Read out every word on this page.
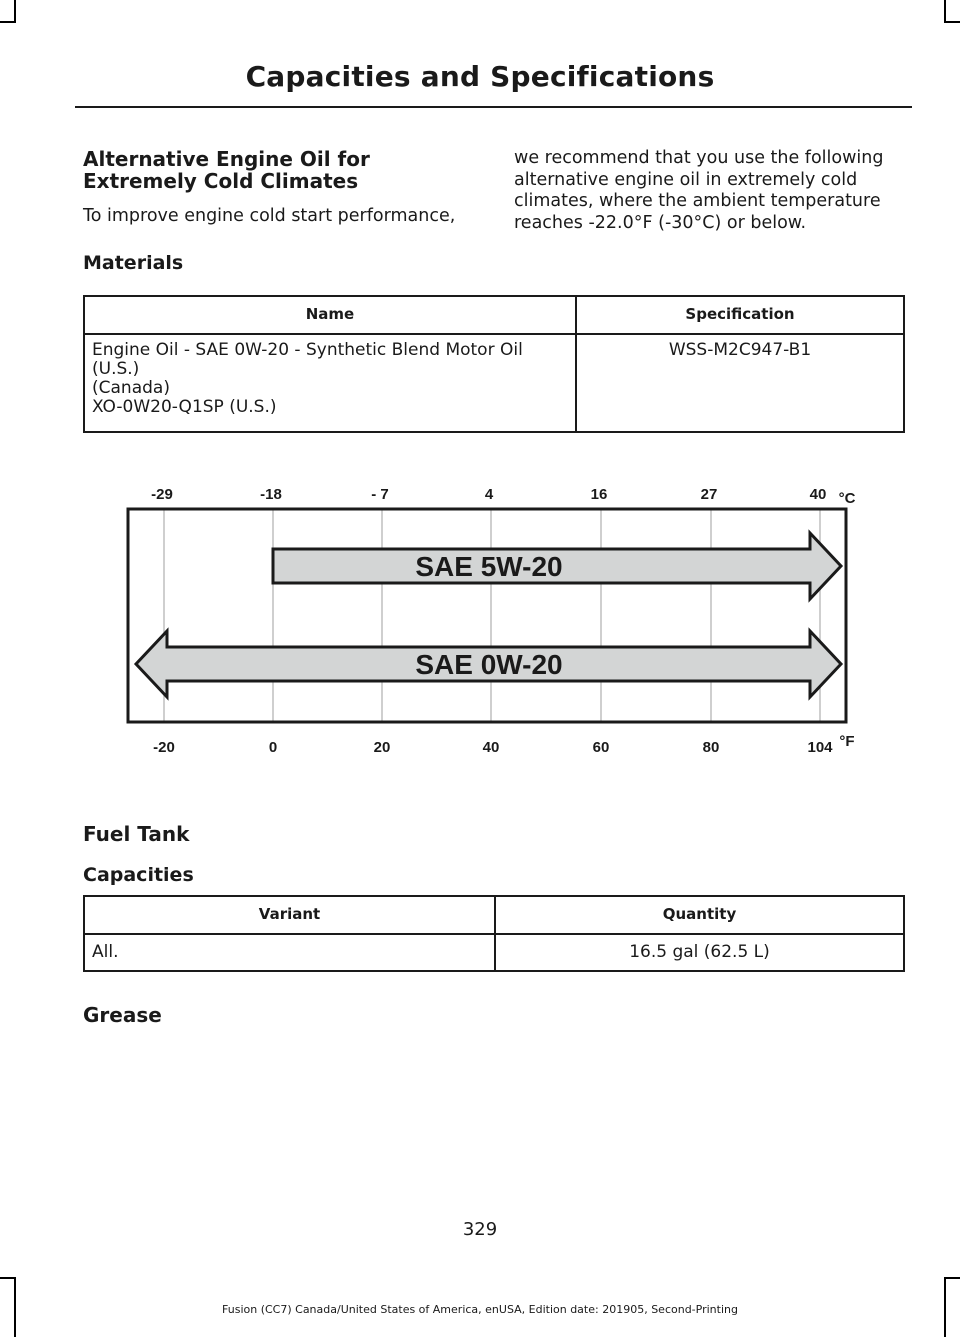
Capacities and Specifications
Alternative Engine Oil for
Extremely Cold Climates

To improve engine cold start performance,

we recommend that you use the following alternative engine oil in extremely cold climates, where the ambient temperature reaches -22.0°F (-30°C) or below.

Materials
Name	Specification

Engine Oil - SAE 0W-20 - Synthetic Blend Motor Oil
(U.S.)
(Canada)
XO-0W20-Q1SP (U.S.)	WSS-M2C947-B1
-29	-18	- 7	4	16	27	40 °C
-20	0	20	40	60	80	104 °F
SAE 5W-20
SAE 0W-20
Fuel Tank
Capacities
Variant	Quantity
All.	16.5 gal (62.5 L)
Grease
329
Fusion (CC7) Canada/United States of America, enUSA, Edition date: 201905, Second-Printing
